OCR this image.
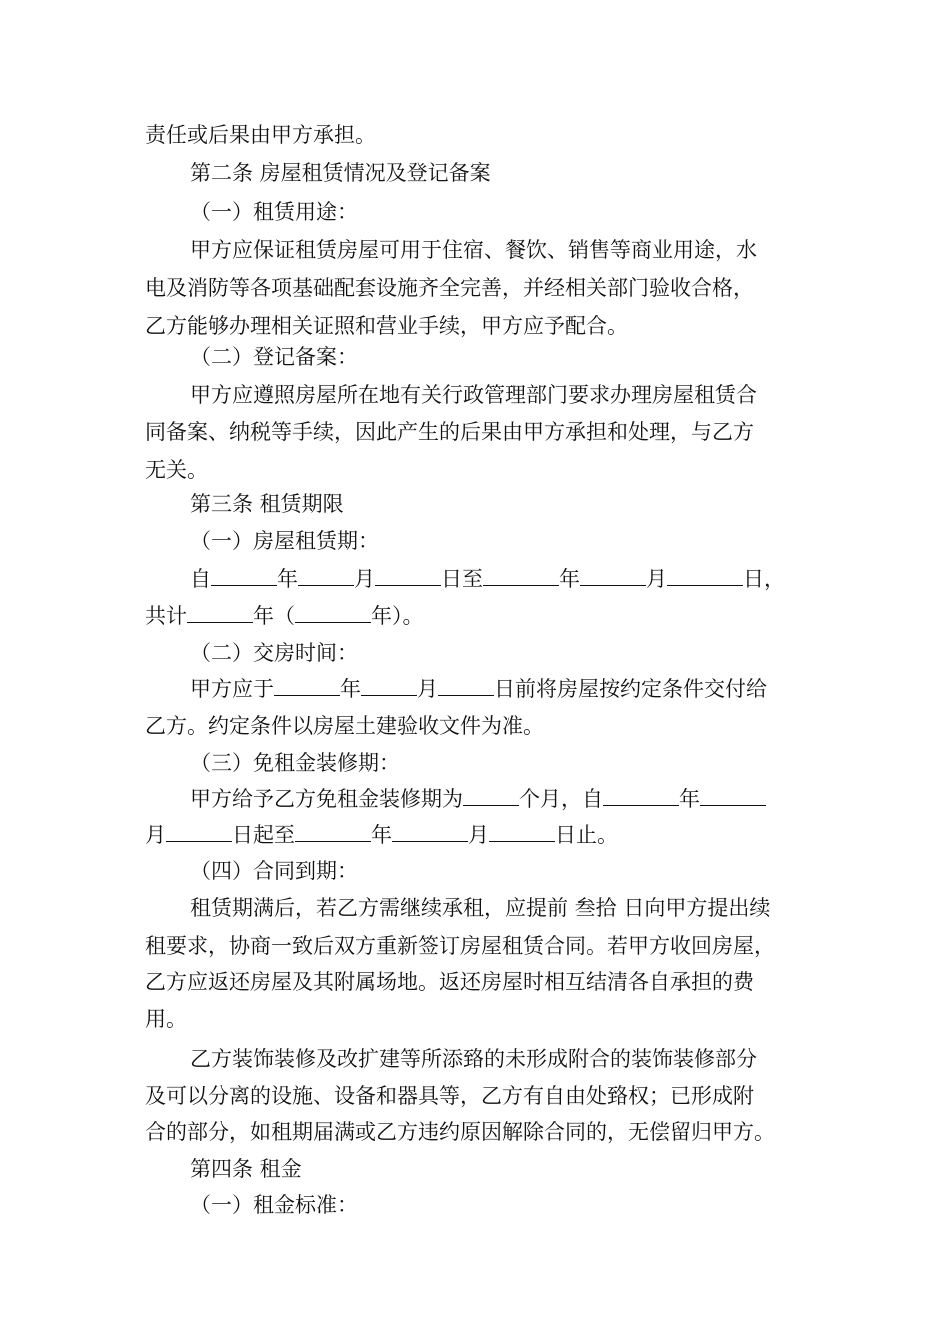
责任或后果由甲方承担。
第二条 房屋租赁情况及登记备案
（一）租赁用途：
甲方应保证租赁房屋可用于住宿、餐饮、销售等商业用途，水
电及消防等各项基础配套设施齐全完善，并经相关部门验收合格，
乙方能够办理相关证照和营业手续，甲方应予配合。
（二）登记备案：
甲方应遵照房屋所在地有关行政管理部门要求办理房屋租赁合
同备案、纳税等手续，因此产生的后果由甲方承担和处理，与乙方
无关。
第三条 租赁期限
（一）房屋租赁期：
自	年	月	日至	年	月	日，
共计	年（	年）。
（二）交房时间：
甲方应于	年	月	日前将房屋按约定条件交付给
乙方。约定条件以房屋土建验收文件为准。
（三）免租金装修期：
甲方给予乙方免租金装修期为	个月，自	年
月	日起至	年	月	日止。
（四）合同到期：
租赁期满后，若乙方需继续承租，应提前 叁拾 日向甲方提出续
租要求，协商一致后双方重新签订房屋租赁合同。若甲方收回房屋，
乙方应返还房屋及其附属场地。返还房屋时相互结清各自承担的费
用。
乙方装饰装修及改扩建等所添臵的未形成附合的装饰装修部分
及可以分离的设施、设备和器具等，乙方有自由处臵权；已形成附
合的部分，如租期届满或乙方违约原因解除合同的，无偿留归甲方。
第四条 租金
（一）租金标准：
